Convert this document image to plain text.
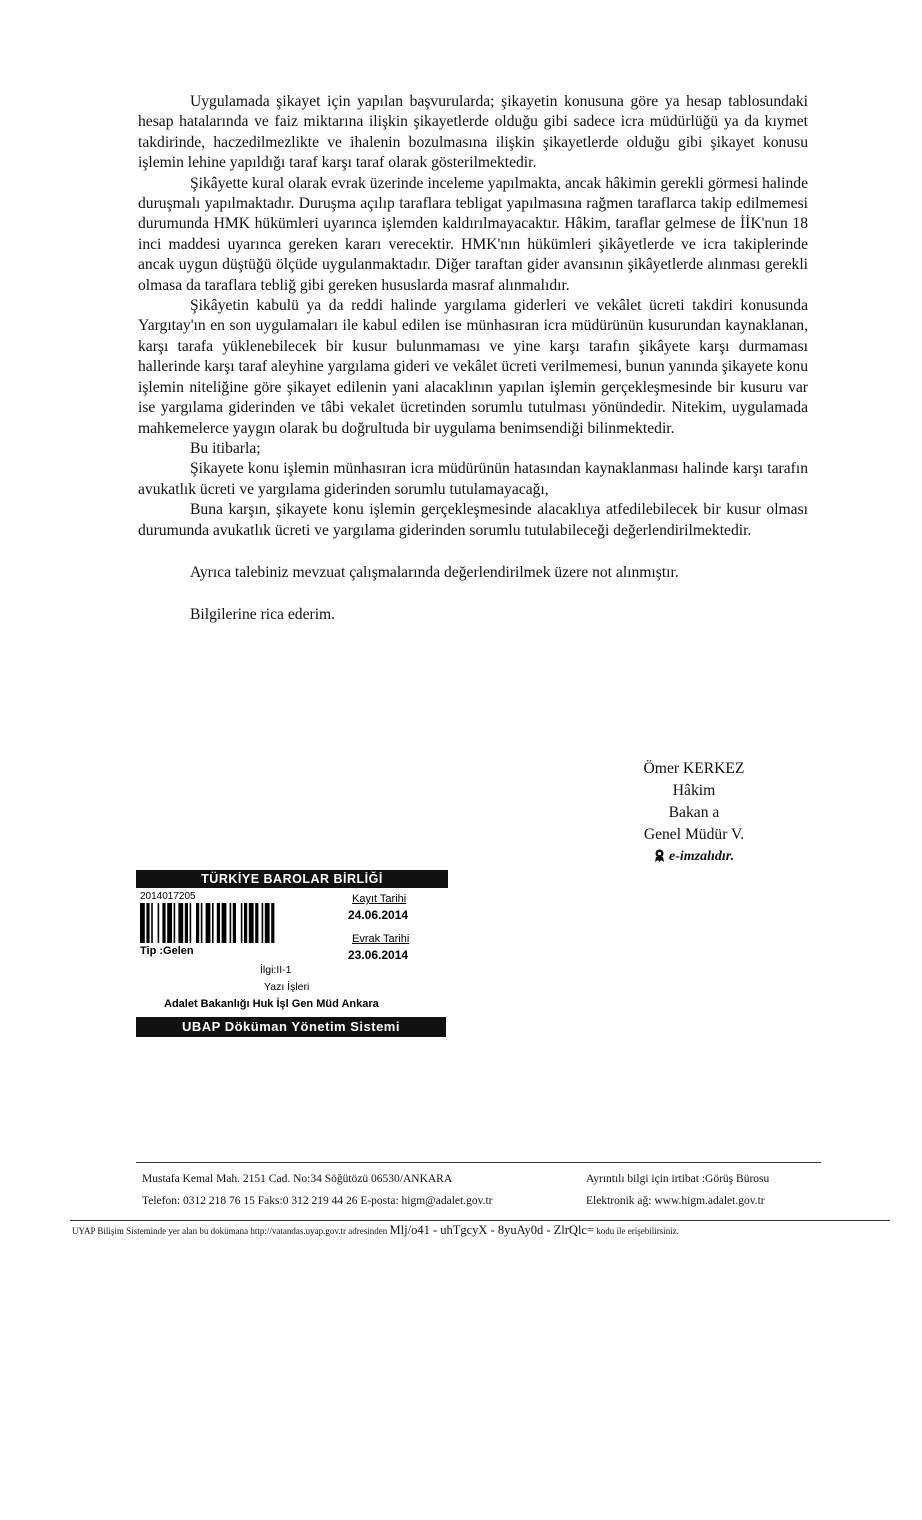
Uygulamada şikayet için yapılan başvurularda; şikayetin konusuna göre ya hesap tablosundaki hesap hatalarında ve faiz miktarına ilişkin şikayetlerde olduğu gibi sadece icra müdürlüğü ya da kıymet takdirinde, haczedilmezlikte ve ihalenin bozulmasına ilişkin şikayetlerde olduğu gibi şikayet konusu işlemin lehine yapıldığı taraf karşı taraf olarak gösterilmektedir.

Şikâyette kural olarak evrak üzerinde inceleme yapılmakta, ancak hâkimin gerekli görmesi halinde duruşmalı yapılmaktadır. Duruşma açılıp taraflara tebligat yapılmasına rağmen taraflarca takip edilmemesi durumunda HMK hükümleri uyarınca işlemden kaldırılmayacaktır. Hâkim, taraflar gelmese de İİK'nun 18 inci maddesi uyarınca gereken kararı verecektir. HMK'nın hükümleri şikâyetlerde ve icra takiplerinde ancak uygun düştüğü ölçüde uygulanmaktadır. Diğer taraftan gider avansının şikâyetlerde alınması gerekli olmasa da taraflara tebliğ gibi gereken hususlarda masraf alınmalıdır.

Şikâyetin kabulü ya da reddi halinde yargılama giderleri ve vekâlet ücreti takdiri konusunda Yargıtay'ın en son uygulamaları ile kabul edilen ise münhasıran icra müdürünün kusurundan kaynaklanan, karşı tarafa yüklenebilecek bir kusur bulunmaması ve yine karşı tarafın şikâyete karşı durmaması hallerinde karşı taraf aleyhine yargılama gideri ve vekâlet ücreti verilmemesi, bunun yanında şikayete konu işlemin niteliğine göre şikayet edilenin yani alacaklının yapılan işlemin gerçekleşmesinde bir kusuru var ise yargılama giderinden ve tâbi vekalet ücretinden sorumlu tutulması yönündedir. Nitekim, uygulamada mahkemelerce yaygın olarak bu doğrultuda bir uygulama benimsendiği bilinmektedir.

Bu itibarla;

Şikayete konu işlemin münhasıran icra müdürünün hatasından kaynaklanması halinde karşı tarafın avukatlık ücreti ve yargılama giderinden sorumlu tutulamayacağı,

Buna karşın, şikayete konu işlemin gerçekleşmesinde alacaklıya atfedilebilecek bir kusur olması durumunda avukatlık ücreti ve yargılama giderinden sorumlu tutulabileceği değerlendirilmektedir.

Ayrıca talebiniz mevzuat çalışmalarında değerlendirilmek üzere not alınmıştır.

Bilgilerine rica ederim.

Ömer KERKEZ
Hâkim
Bakan a
Genel Müdür V.
e-imzalıdır.
TÜRKİYE BAROLAR BİRLİĞİ
2014017205
Tip :Gelen
Kayıt Tarihi
24.06.2014
Evrak Tarihi
23.06.2014
İlgi:II-1
Yazı İşleri
Adalet Bakanlığı Huk İşl Gen Müd Ankara
UBAP Döküman Yönetim Sistemi
Mustafa Kemal Mah. 2151 Cad. No:34 Söğütözü 06530/ANKARA	Ayrıntılı bilgi için irtibat :Görüş Bürosu
Telefon: 0312 218 76 15 Faks:0 312 219 44 26 E-posta: higm@adalet.gov.tr	Elektronik ağ: www.higm.adalet.gov.tr
UYAP Bilişim Sisteminde yer alan bu dokümana http://vatandas.uyap.gov.tr adresinden Mlj/o41 - uhTgcyX - 8yuAy0d - ZlrQlc= kodu ile erişebilirsiniz.
